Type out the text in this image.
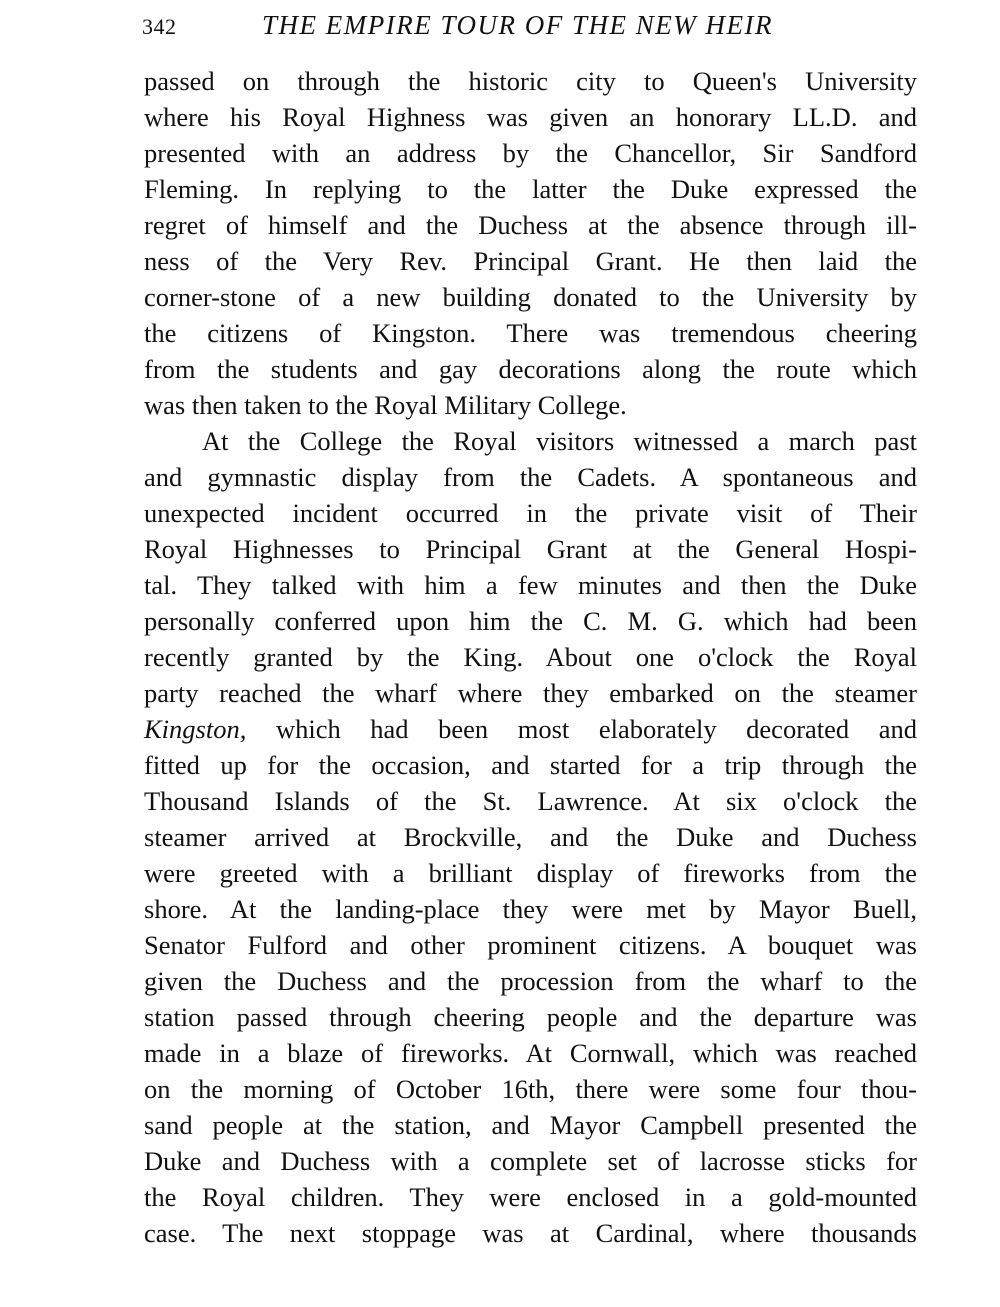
342	THE EMPIRE TOUR OF THE NEW HEIR
passed on through the historic city to Queen's University
where his Royal Highness was given an honorary LL.D. and
presented with an address by the Chancellor, Sir Sandford
Fleming. In replying to the latter the Duke expressed the
regret of himself and the Duchess at the absence through ill-
ness of the Very Rev. Principal Grant. He then laid the
corner-stone of a new building donated to the University by
the citizens of Kingston. There was tremendous cheering
from the students and gay decorations along the route which
was then taken to the Royal Military College.
At the College the Royal visitors witnessed a march past
and gymnastic display from the Cadets. A spontaneous and
unexpected incident occurred in the private visit of Their
Royal Highnesses to Principal Grant at the General Hospi-
tal. They talked with him a few minutes and then the Duke
personally conferred upon him the C. M. G. which had been
recently granted by the King. About one o'clock the Royal
party reached the wharf where they embarked on the steamer
Kingston, which had been most elaborately decorated and
fitted up for the occasion, and started for a trip through the
Thousand Islands of the St. Lawrence. At six o'clock the
steamer arrived at Brockville, and the Duke and Duchess
were greeted with a brilliant display of fireworks from the
shore. At the landing-place they were met by Mayor Buell,
Senator Fulford and other prominent citizens. A bouquet was
given the Duchess and the procession from the wharf to the
station passed through cheering people and the departure was
made in a blaze of fireworks. At Cornwall, which was reached
on the morning of October 16th, there were some four thou-
sand people at the station, and Mayor Campbell presented the
Duke and Duchess with a complete set of lacrosse sticks for
the Royal children. They were enclosed in a gold-mounted
case. The next stoppage was at Cardinal, where thousands
